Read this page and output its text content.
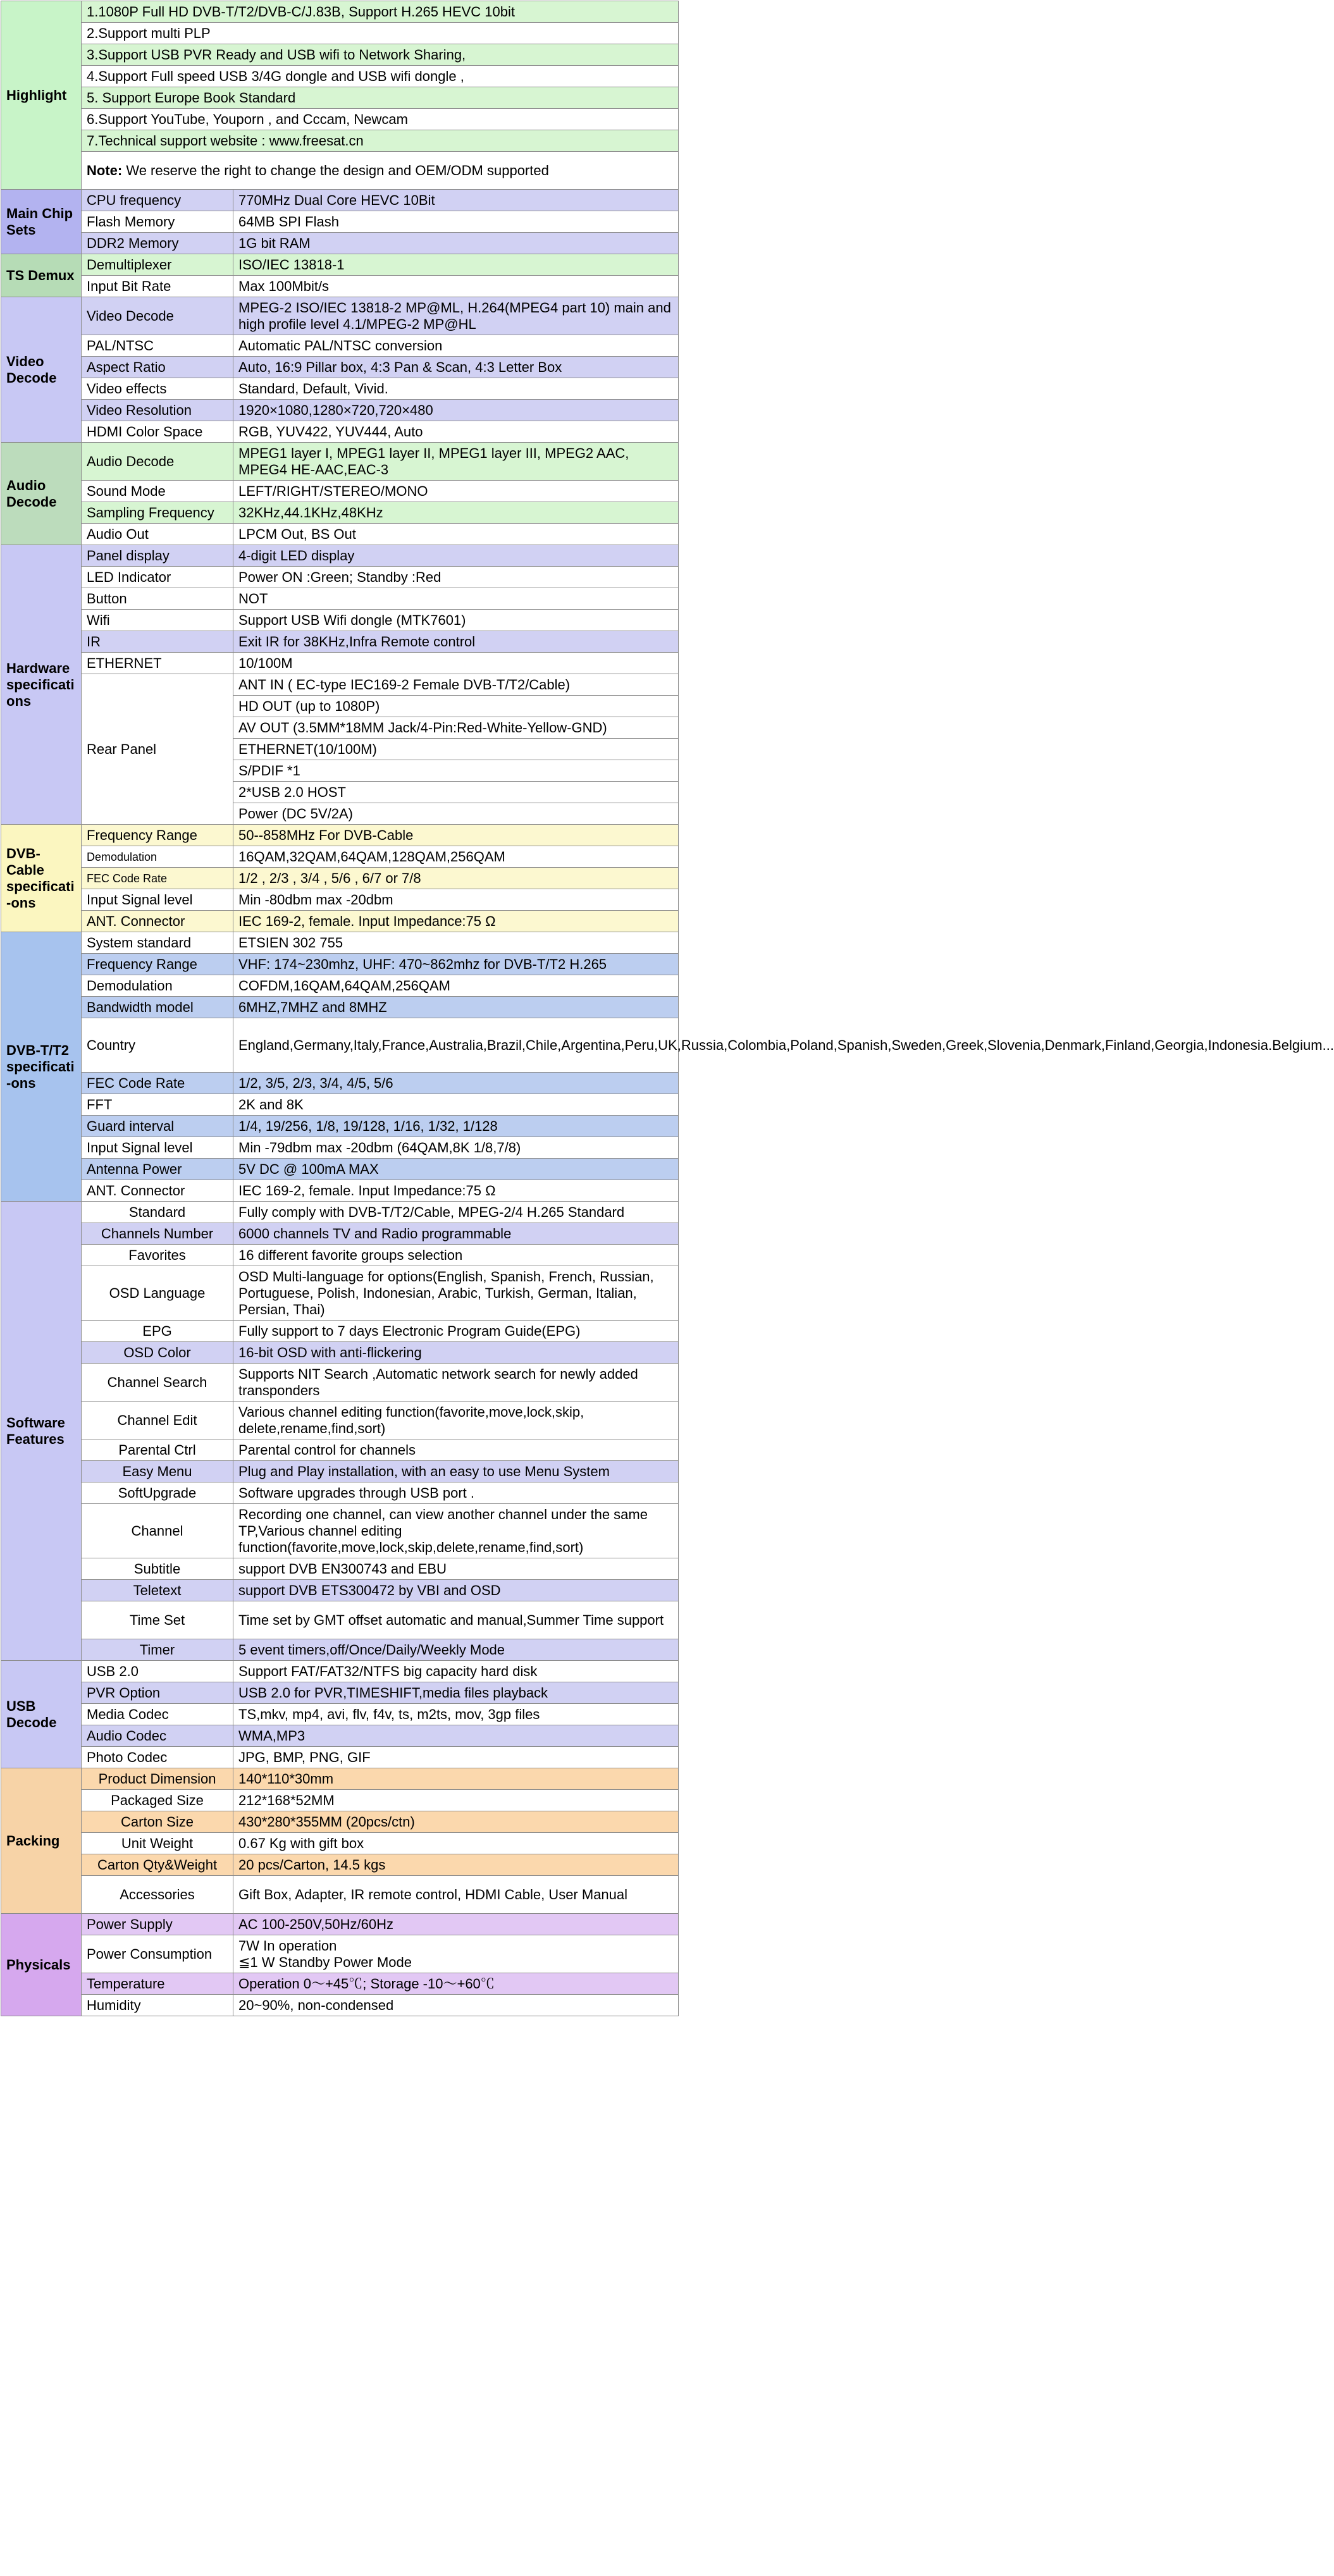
Highlight	1.1080P Full HD DVB-T/T2/DVB-C/J.83B, Support H.265 HEVC 10bit	
	2.Support multi PLP	
	3.Support USB PVR Ready and USB wifi to Network Sharing,	
	4.Support Full speed USB 3/4G dongle and USB wifi dongle ,	
	5. Support Europe Book Standard	
	6.Support YouTube, Youporn , and Cccam, Newcam	
	7.Technical support website : www.freesat.cn	
	Note: We reserve the right to change the design and OEM/ODM supported	
Main Chip Sets	CPU frequency	770MHz Dual Core HEVC 10Bit
	Flash Memory	64MB SPI Flash
	DDR2 Memory	1G bit RAM
TS Demux	Demultiplexer	ISO/IEC 13818-1
	Input Bit Rate	Max 100Mbit/s
Video Decode	Video Decode	MPEG-2 ISO/IEC 13818-2 MP@ML, H.264(MPEG4 part 10) main and high profile level 4.1/MPEG-2 MP@HL
	PAL/NTSC	Automatic PAL/NTSC conversion
	Aspect Ratio	Auto, 16:9 Pillar box, 4:3 Pan & Scan, 4:3 Letter Box
	Video effects	Standard, Default, Vivid.
	Video Resolution	1920×1080,1280×720,720×480
	HDMI Color Space	RGB, YUV422, YUV444, Auto
Audio Decode	Audio Decode	MPEG1 layer I, MPEG1 layer II, MPEG1 layer III, MPEG2 AAC, MPEG4 HE-AAC,EAC-3
	Sound Mode	LEFT/RIGHT/STEREO/MONO
	Sampling Frequency	32KHz,44.1KHz,48KHz
	Audio Out	LPCM Out, BS Out
Hardware specificati ons	Panel display	4-digit LED display
	LED Indicator	Power ON :Green; Standby :Red
	Button	NOT
	Wifi	Support USB Wifi dongle (MTK7601)
	IR	Exit IR for 38KHz,Infra Remote control
	ETHERNET	10/100M
	Rear Panel	ANT IN ( EC-type IEC169-2 Female DVB-T/T2/Cable)
		HD OUT (up to 1080P)
		AV OUT (3.5MM*18MM Jack/4-Pin:Red-White-Yellow-GND)
		ETHERNET(10/100M)
		S/PDIF *1
		2*USB 2.0 HOST
		Power (DC 5V/2A)
DVB-Cable specificati -ons	Frequency Range	50--858MHz For DVB-Cable
	Demodulation	16QAM,32QAM,64QAM,128QAM,256QAM
	FEC Code Rate	1/2 , 2/3 , 3/4 , 5/6 , 6/7 or 7/8
	Input Signal level	Min -80dbm max -20dbm
	ANT. Connector	IEC 169-2, female. Input Impedance:75 Ω
DVB-T/T2 specificati -ons	System standard	ETSIEN 302 755
	Frequency Range	VHF: 174~230mhz, UHF: 470~862mhz for DVB-T/T2 H.265
	Demodulation	COFDM,16QAM,64QAM,256QAM
	Bandwidth model	6MHZ,7MHZ and 8MHZ
	Country	England,Germany,Italy,France,Australia,Brazil,Chile,Argentina,Peru,UK,Russia,Colombia,Poland,Spanish,Sweden,Greek,Slovenia,Denmark,Finland,Georgia,Indonesia.Belgium...
	FEC Code Rate	1/2, 3/5, 2/3, 3/4, 4/5, 5/6
	FFT	2K and 8K
	Guard interval	1/4, 19/256, 1/8, 19/128, 1/16, 1/32, 1/128
	Input Signal level	Min -79dbm max -20dbm (64QAM,8K 1/8,7/8)
	Antenna Power	5V DC @ 100mA MAX
	ANT. Connector	IEC 169-2, female. Input Impedance:75 Ω
Software Features	Standard	Fully comply with DVB-T/T2/Cable, MPEG-2/4 H.265 Standard
	Channels Number	6000 channels TV and Radio programmable
	Favorites	16 different favorite groups selection
	OSD Language	OSD Multi-language for options(English, Spanish, French, Russian, Portuguese, Polish, Indonesian, Arabic, Turkish, German, Italian, Persian, Thai)
	EPG	Fully support to 7 days Electronic Program Guide(EPG)
	OSD Color	16-bit OSD with anti-flickering
	Channel Search	Supports NIT Search ,Automatic network search for newly added transponders
	Channel Edit	Various channel editing function(favorite,move,lock,skip, delete,rename,find,sort)
	Parental Ctrl	Parental control for channels
	Easy Menu	Plug and Play installation, with an easy to use Menu System
	SoftUpgrade	Software upgrades through USB port .
	Channel	Recording one channel, can view another channel under the same TP,Various channel editing function(favorite,move,lock,skip,delete,rename,find,sort)
	Subtitle	support DVB EN300743 and EBU
	Teletext	support DVB ETS300472 by VBI and OSD
	Time Set	Time set by GMT offset automatic and manual,Summer Time support
	Timer	5 event timers,off/Once/Daily/Weekly Mode
USB Decode	USB 2.0	Support FAT/FAT32/NTFS big capacity hard disk
	PVR Option	USB 2.0 for PVR,TIMESHIFT,media files playback
	Media Codec	TS,mkv, mp4, avi, flv, f4v, ts, m2ts, mov, 3gp files
	Audio Codec	WMA,MP3
	Photo Codec	JPG, BMP, PNG, GIF
Packing	Product Dimension	140*110*30mm
	Packaged Size	212*168*52MM
	Carton Size	430*280*355MM (20pcs/ctn)
	Unit Weight	0.67 Kg with gift box
	Carton Qty&Weight	20 pcs/Carton, 14.5 kgs
	Accessories	Gift Box, Adapter, IR remote control, HDMI Cable, User Manual
Physicals	Power Supply	AC 100-250V,50Hz/60Hz
	Power Consumption	7W In operation
≦1 W Standby Power Mode
	Temperature	Operation 0～+45℃; Storage -10～+60℃
	Humidity	20~90%, non-condensed
